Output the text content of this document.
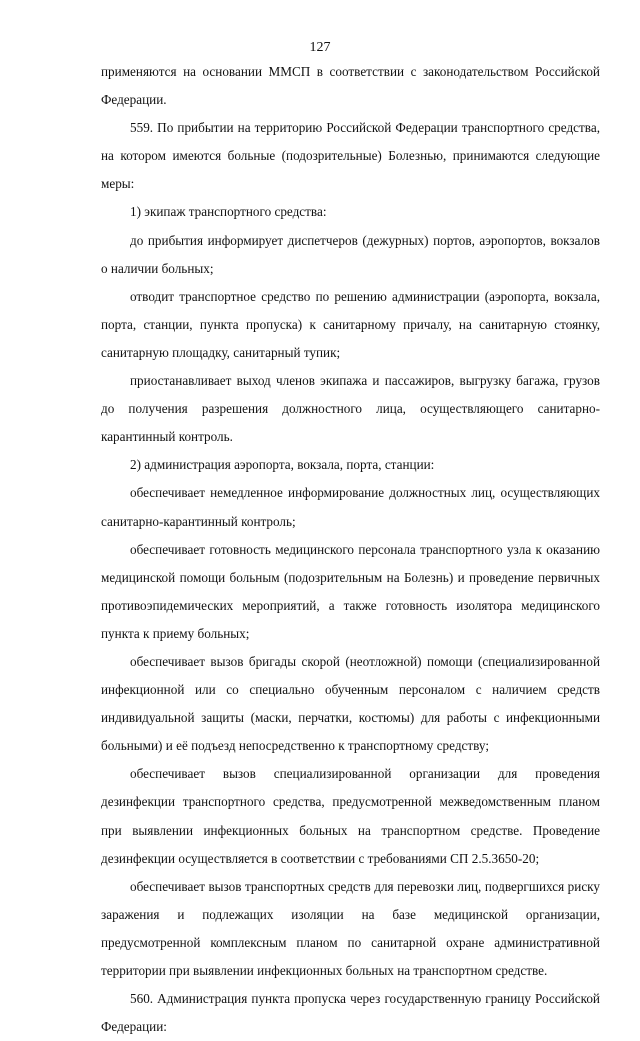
127

применяются на основании ММСП в соответствии с законодательством Российской Федерации.

559. По прибытии на территорию Российской Федерации транспортного средства, на котором имеются больные (подозрительные) Болезнью, принимаются следующие меры:

1) экипаж транспортного средства:

до прибытия информирует диспетчеров (дежурных) портов, аэропортов, вокзалов о наличии больных;

отводит транспортное средство по решению администрации (аэропорта, вокзала, порта, станции, пункта пропуска) к санитарному причалу, на санитарную стоянку, санитарную площадку, санитарный тупик;

приостанавливает выход членов экипажа и пассажиров, выгрузку багажа, грузов до получения разрешения должностного лица, осуществляющего санитарно-карантинный контроль.

2) администрация аэропорта, вокзала, порта, станции:

обеспечивает немедленное информирование должностных лиц, осуществляющих санитарно-карантинный контроль;

обеспечивает готовность медицинского персонала транспортного узла к оказанию медицинской помощи больным (подозрительным на Болезнь) и проведение первичных противоэпидемических мероприятий, а также готовность изолятора медицинского пункта к приему больных;

обеспечивает вызов бригады скорой (неотложной) помощи (специализированной инфекционной или со специально обученным персоналом с наличием средств индивидуальной защиты (маски, перчатки, костюмы) для работы с инфекционными больными) и её подъезд непосредственно к транспортному средству;

обеспечивает вызов специализированной организации для проведения дезинфекции транспортного средства, предусмотренной межведомственным планом при выявлении инфекционных больных на транспортном средстве. Проведение дезинфекции осуществляется в соответствии с требованиями СП 2.5.3650-20;

обеспечивает вызов транспортных средств для перевозки лиц, подвергшихся риску заражения и подлежащих изоляции на базе медицинской организации, предусмотренной комплексным планом по санитарной охране административной территории при выявлении инфекционных больных на транспортном средстве.

560. Администрация пункта пропуска через государственную границу Российской Федерации:
